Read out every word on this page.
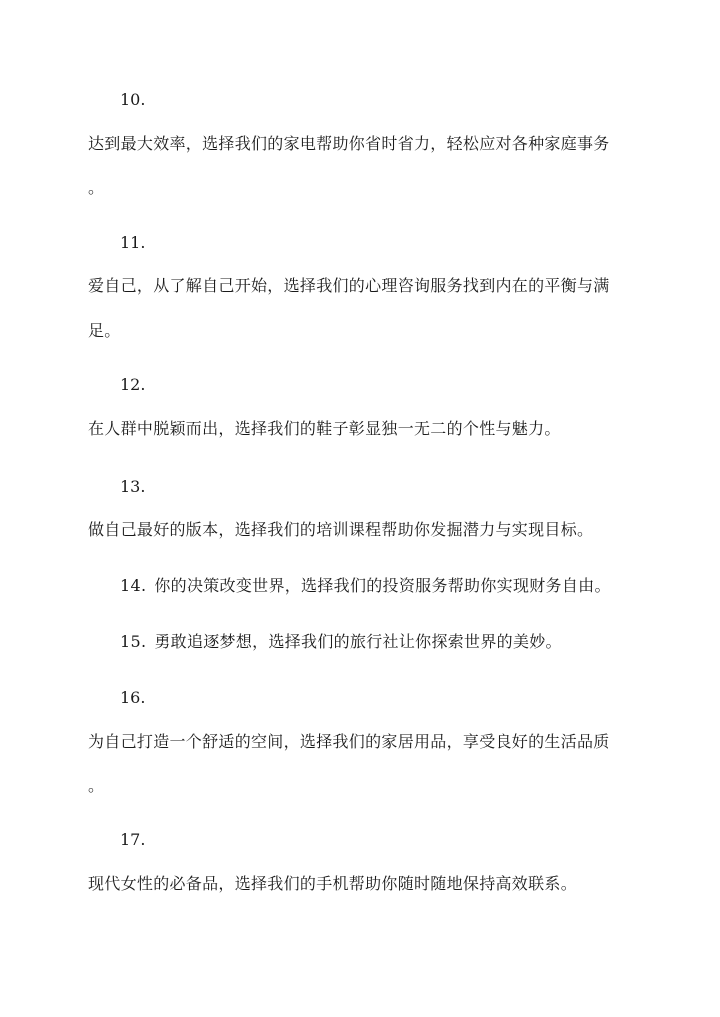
10.
达到最大效率，选择我们的家电帮助你省时省力，轻松应对各种家庭事务
。
11.
爱自己，从了解自己开始，选择我们的心理咨询服务找到内在的平衡与满
足。
12.
在人群中脱颖而出，选择我们的鞋子彰显独一无二的个性与魅力。
13.
做自己最好的版本，选择我们的培训课程帮助你发掘潜力与实现目标。
14. 你的决策改变世界，选择我们的投资服务帮助你实现财务自由。
15. 勇敢追逐梦想，选择我们的旅行社让你探索世界的美妙。
16.
为自己打造一个舒适的空间，选择我们的家居用品，享受良好的生活品质
。
17.
现代女性的必备品，选择我们的手机帮助你随时随地保持高效联系。
